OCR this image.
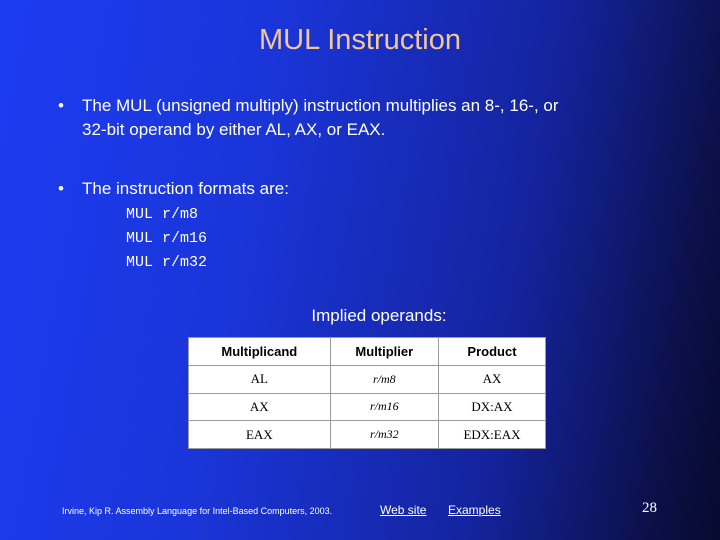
MUL Instruction
• The MUL (unsigned multiply) instruction multiplies an 8-, 16-, or
32-bit operand by either AL, AX, or EAX.
• The instruction formats are:
MUL r/m8
MUL r/m16
MUL r/m32
Implied operands:
Multiplicand	Multiplier	Product
AL	r/m8	AX
AX	r/m16	DX:AX
EAX	r/m32	EDX:EAX
Irvine, Kip R. Assembly Language for Intel-Based Computers, 2003.	Web site Examples	28
